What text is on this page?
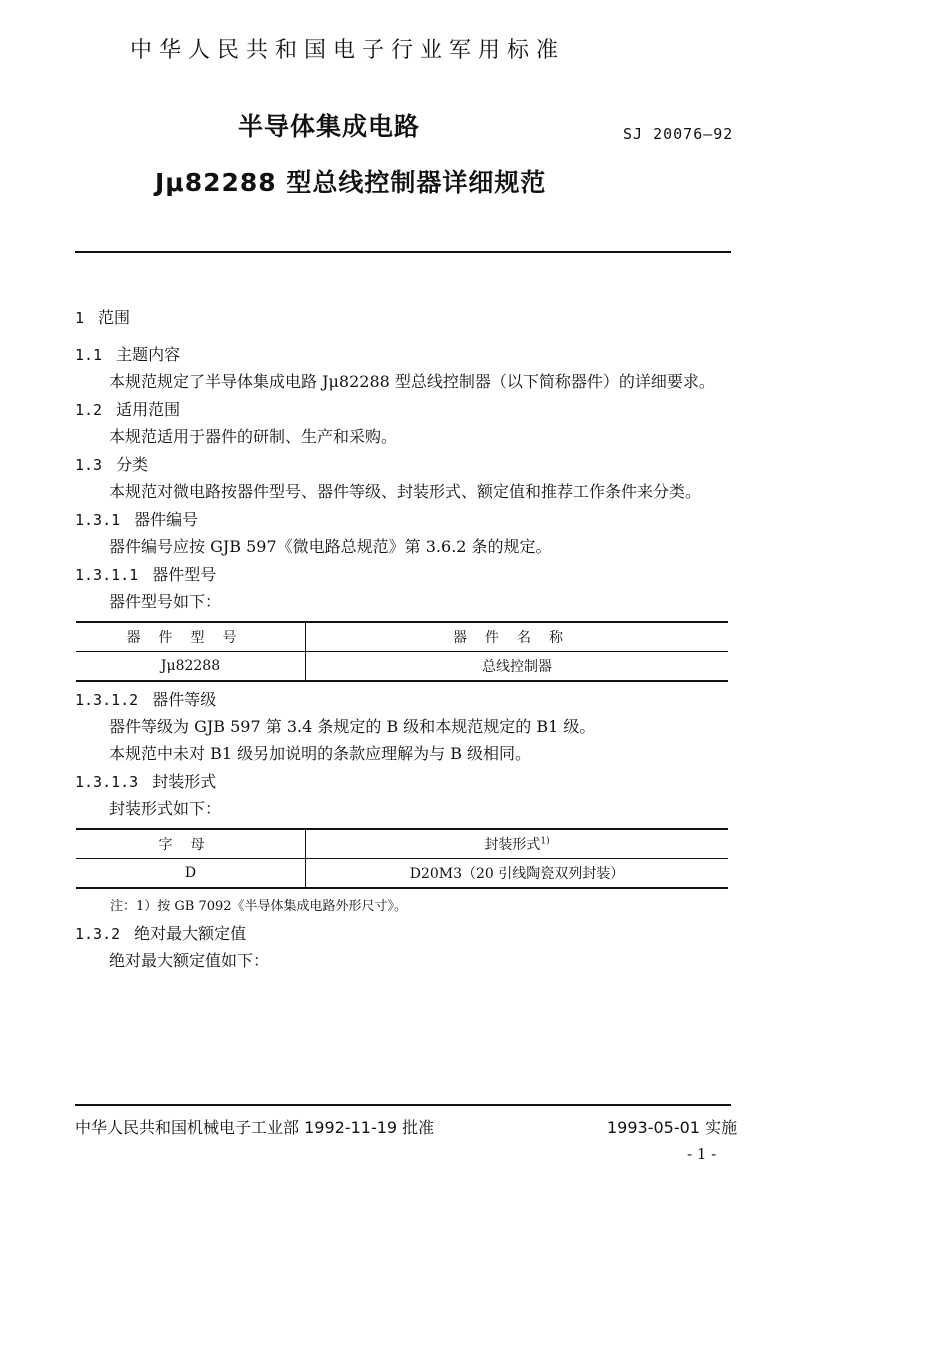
中华人民共和国电子行业军用标准
半导体集成电路	SJ 20076—92
Jμ82288 型总线控制器详细规范
1 范围
1.1 主题内容
本规范规定了半导体集成电路 Jμ82288 型总线控制器（以下简称器件）的详细要求。
1.2 适用范围
本规范适用于器件的研制、生产和采购。
1.3 分类
本规范对微电路按器件型号、器件等级、封装形式、额定值和推荐工作条件来分类。
1.3.1 器件编号
器件编号应按 GJB 597《微电路总规范》第 3.6.2 条的规定。
1.3.1.1 器件型号
器件型号如下：
器件型号	器件名称
Jμ82288	总线控制器
1.3.1.2 器件等级
器件等级为 GJB 597 第 3.4 条规定的 B 级和本规范规定的 B1 级。
本规范中未对 B1 级另加说明的条款应理解为与 B 级相同。
1.3.1.3 封装形式
封装形式如下：
字母	封装形式$^{1)}$
D	D20M3（20 引线陶瓷双列封装）
注：1）按 GB 7092《半导体集成电路外形尺寸》。
1.3.2 绝对最大额定值
绝对最大额定值如下：
中华人民共和国机械电子工业部 1992-11-19 批准	1993-05-01 实施
- 1 -
